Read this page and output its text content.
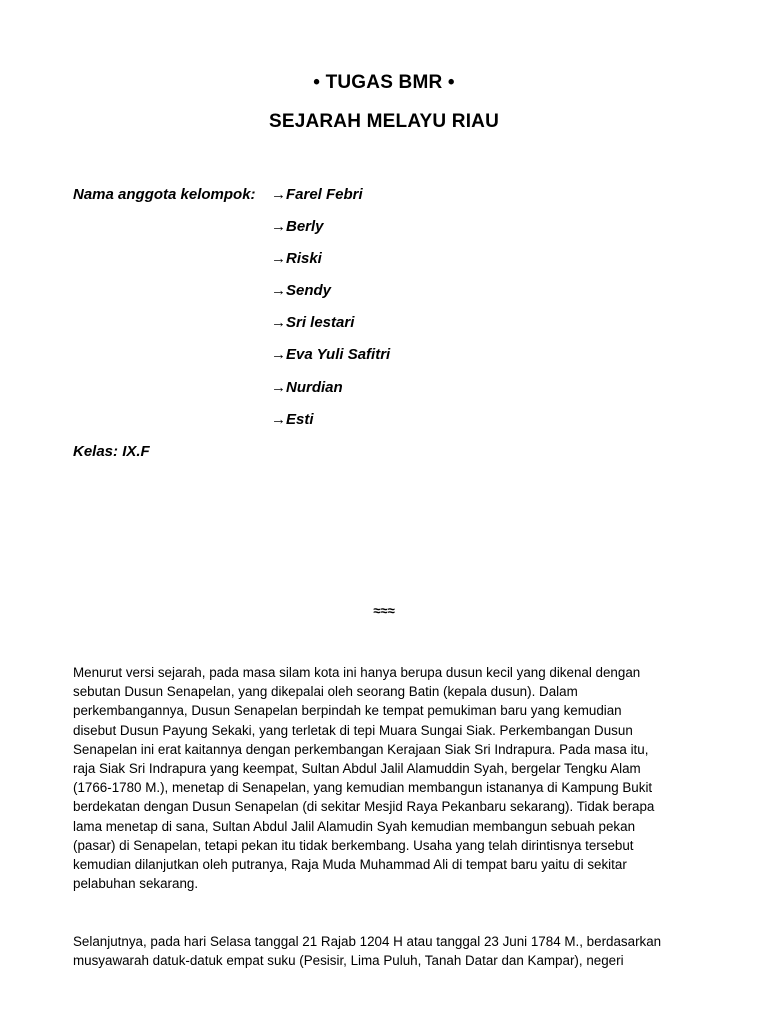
• TUGAS BMR •
SEJARAH MELAYU RIAU
Nama anggota kelompok: →Farel Febri
→Berly
→Riski
→Sendy
→Sri lestari
→Eva Yuli Safitri
→Nurdian
→Esti
Kelas: IX.F
≈≈≈
Menurut versi sejarah, pada masa silam kota ini hanya berupa dusun kecil yang dikenal dengan
sebutan Dusun Senapelan, yang dikepalai oleh seorang Batin (kepala dusun). Dalam
perkembangannya, Dusun Senapelan berpindah ke tempat pemukiman baru yang kemudian
disebut Dusun Payung Sekaki, yang terletak di tepi Muara Sungai Siak. Perkembangan Dusun
Senapelan ini erat kaitannya dengan perkembangan Kerajaan Siak Sri Indrapura. Pada masa itu,
raja Siak Sri Indrapura yang keempat, Sultan Abdul Jalil Alamuddin Syah, bergelar Tengku Alam
(1766-1780 M.), menetap di Senapelan, yang kemudian membangun istananya di Kampung Bukit
berdekatan dengan Dusun Senapelan (di sekitar Mesjid Raya Pekanbaru sekarang). Tidak berapa
lama menetap di sana, Sultan Abdul Jalil Alamudin Syah kemudian membangun sebuah pekan
(pasar) di Senapelan, tetapi pekan itu tidak berkembang. Usaha yang telah dirintisnya tersebut
kemudian dilanjutkan oleh putranya, Raja Muda Muhammad Ali di tempat baru yaitu di sekitar
pelabuhan sekarang.
Selanjutnya, pada hari Selasa tanggal 21 Rajab 1204 H atau tanggal 23 Juni 1784 M., berdasarkan
musyawarah datuk-datuk empat suku (Pesisir, Lima Puluh, Tanah Datar dan Kampar), negeri
